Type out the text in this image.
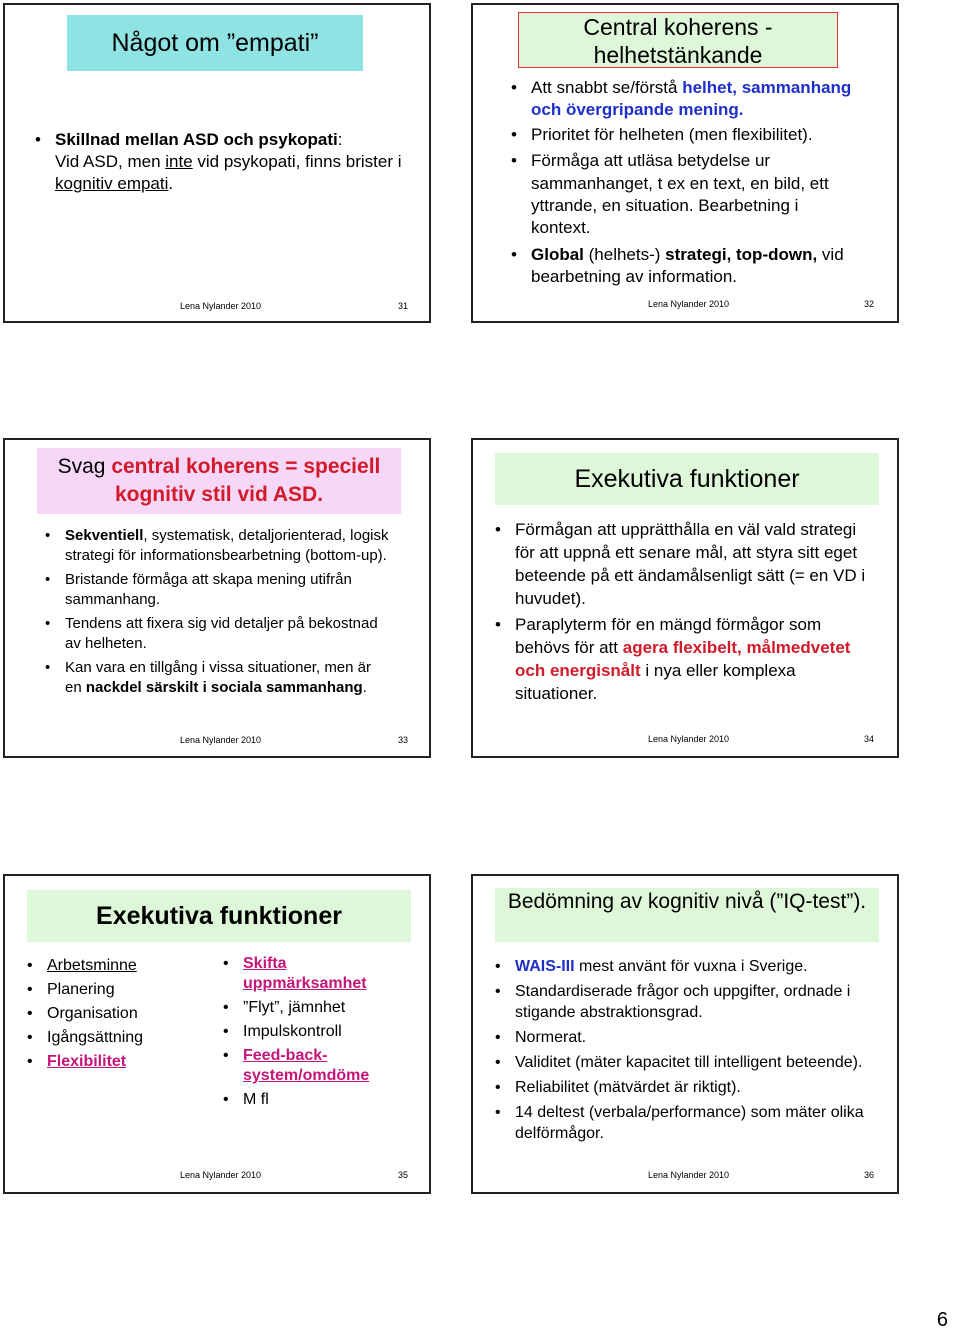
Något om ”empati”
• Skillnad mellan ASD och psykopati:
Vid ASD, men inte vid psykopati, finns brister i kognitiv empati.
Lena Nylander 2010	31
Central koherens - helhetstänkande
• Att snabbt se/förstå helhet, sammanhang och övergripande mening.
• Prioritet för helheten (men flexibilitet).
• Förmåga att utläsa betydelse ur sammanhanget, t ex en text, en bild, ett yttrande, en situation. Bearbetning i kontext.
• Global (helhets-) strategi, top-down, vid bearbetning av information.
Lena Nylander 2010	32
Svag central koherens = speciell kognitiv stil vid ASD.
• Sekventiell, systematisk, detaljorienterad, logisk strategi för informationsbearbetning (bottom-up).
• Bristande förmåga att skapa mening utifrån sammanhang.
• Tendens att fixera sig vid detaljer på bekostnad av helheten.
• Kan vara en tillgång i vissa situationer, men är en nackdel särskilt i sociala sammanhang.
Lena Nylander 2010	33
Exekutiva funktioner
• Förmågan att upprätthålla en väl vald strategi för att uppnå ett senare mål, att styra sitt eget beteende på ett ändamålsenligt sätt (= en VD i huvudet).
• Paraplyterm för en mängd förmågor som behövs för att agera flexibelt, målmedvetet och energisnålt i nya eller komplexa situationer.
Lena Nylander 2010	34
Exekutiva funktioner
• Arbetsminne
• Planering
• Organisation
• Igångsättning
• Flexibilitet
• Skifta uppmärksamhet
• ”Flyt”, jämnhet
• Impulskontroll
• Feed-back-system/omdöme
• M fl
Lena Nylander 2010	35
Bedömning av kognitiv nivå (”IQ-test”).
• WAIS-III mest använt för vuxna i Sverige.
• Standardiserade frågor och uppgifter, ordnade i stigande abstraktionsgrad.
• Normerat.
• Validitet (mäter kapacitet till intelligent beteende).
• Reliabilitet (mätvärdet är riktigt).
• 14 deltest (verbala/performance) som mäter olika delförmågor.
Lena Nylander 2010	36
6
